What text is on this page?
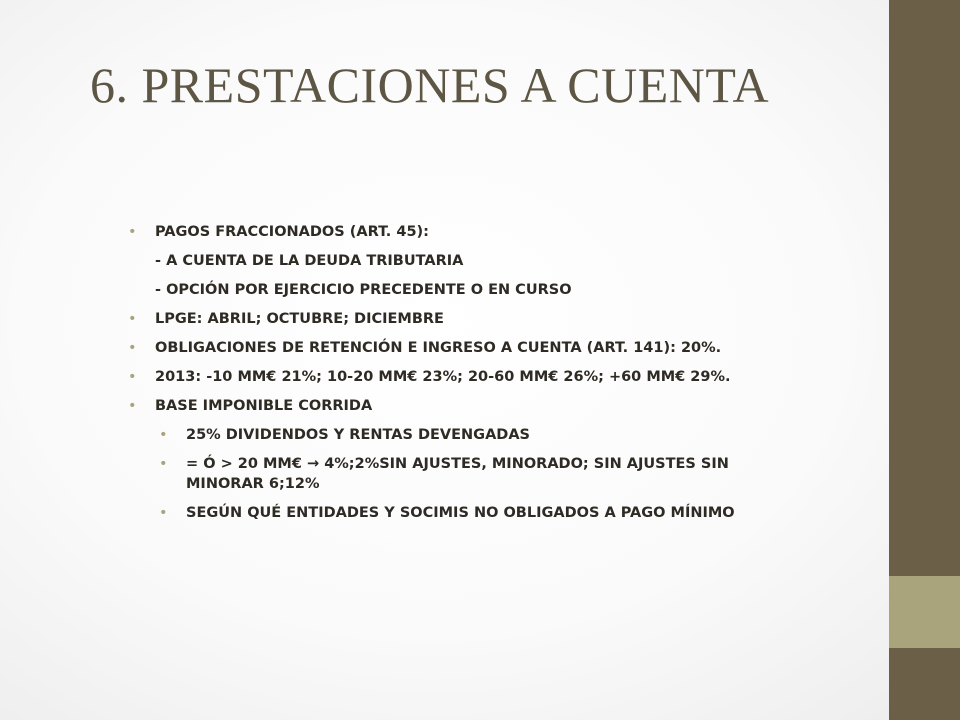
6. PRESTACIONES A CUENTA
• PAGOS FRACCIONADOS (ART. 45):
- A CUENTA DE LA DEUDA TRIBUTARIA
- OPCIÓN POR EJERCICIO PRECEDENTE O EN CURSO
• LPGE: ABRIL; OCTUBRE; DICIEMBRE
• OBLIGACIONES DE RETENCIÓN E INGRESO A CUENTA (ART. 141): 20%.
• 2013: -10 MM€ 21%; 10-20 MM€ 23%; 20-60 MM€ 26%; +60 MM€ 29%.
• BASE IMPONIBLE CORRIDA
• 25% DIVIDENDOS Y RENTAS DEVENGADAS
• = Ó > 20 MM€ → 4%;2%SIN AJUSTES, MINORADO; SIN AJUSTES SIN MINORAR 6;12%
• SEGÚN QUÉ ENTIDADES Y SOCIMIS NO OBLIGADOS A PAGO MÍNIMO
